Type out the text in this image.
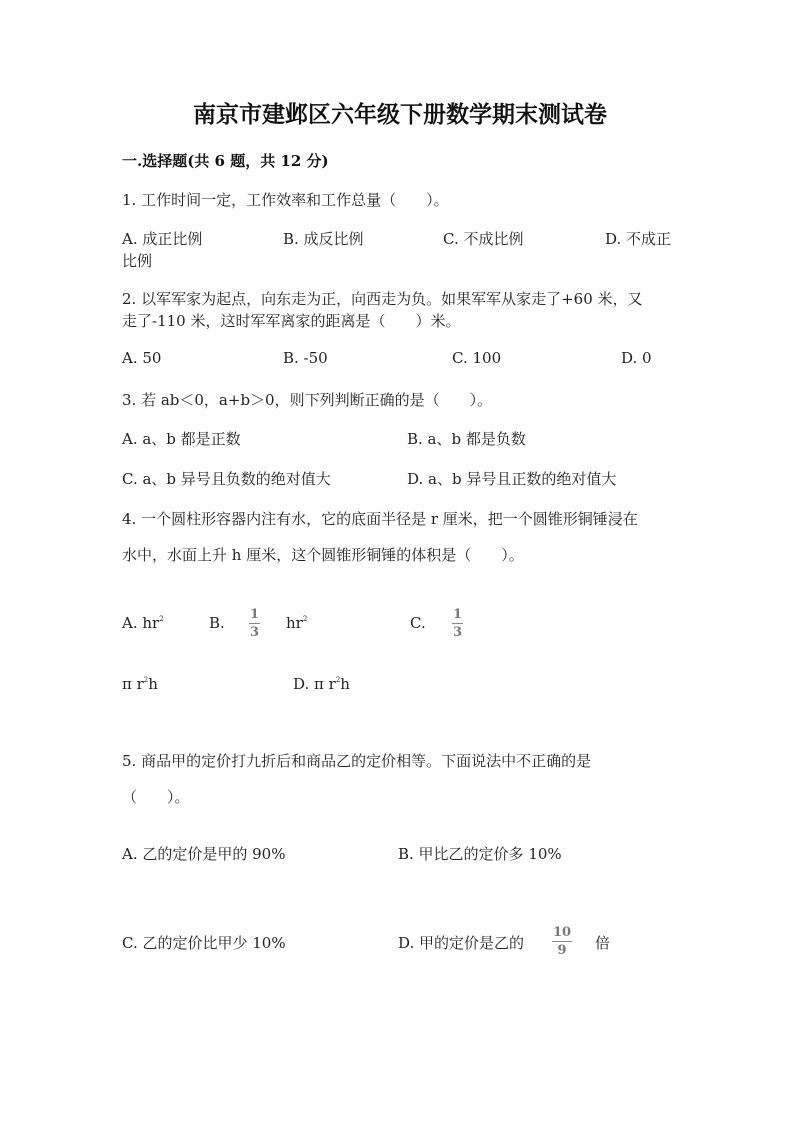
南京市建邺区六年级下册数学期末测试卷
一.选择题(共 6 题，共 12 分)
1. 工作时间一定，工作效率和工作总量（　　）。
A. 成正比例	B. 成反比例	C. 不成比例	D. 不成正
比例
2. 以军军家为起点，向东走为正，向西走为负。如果军军从家走了+60 米，又
走了-110 米，这时军军离家的距离是（　　）米。
A. 50	B. -50	C. 100	D. 0
3. 若 ab＜0，a+b＞0，则下列判断正确的是（　　）。
A. a、b 都是正数	B. a、b 都是负数
C. a、b 异号且负数的绝对值大	D. a、b 异号且正数的绝对值大
4. 一个圆柱形容器内注有水，它的底面半径是 r 厘米，把一个圆锥形铜锤浸在
水中，水面上升 h 厘米，这个圆锥形铜锤的体积是（　　）。
A. $hr^2$	B. 1
3
$hr^2$	C. 1
3
π $r^2h$	D. π $r^2h$
5. 商品甲的定价打九折后和商品乙的定价相等。下面说法中不正确的是
（　　）。
A. 乙的定价是甲的 90%	B. 甲比乙的定价多 10%
C. 乙的定价比甲少 10%	D. 甲的定价是乙的
10
9 倍
